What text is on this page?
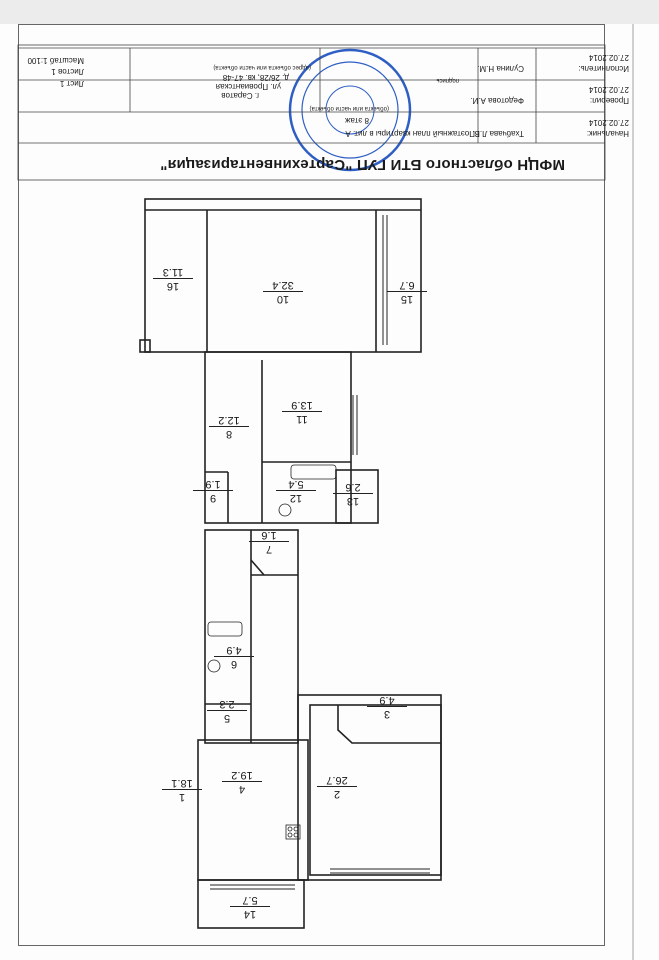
1
18.1
2
26.7
3
4.9
4
19.2
5
2.3
6
4.9
7
1.6
8
12.2
9
1.9
10
32.4
11
13.9
12
5.4
13
2.6
14
5.7
15
6.7
16
11.3
МФЦН областного БТИ ГУП "Сартехинвентаризация"
Поэтажный план квартиры в лит. А
8 этаж
(объекта или части объекта)
г. Саратов
ул. Провиантская
д. 26/28, кв. 47-48
(адрес объекта или части объекта)
Масштаб 1:100
Лист 1
Листов 1
Начальник:
Тхабчава Л.В.
27.02.2014
Проверил:
Федотова А.И.
27.02.2014
Исполнитель:
Сулина Н.М.
27.02.2014
подпись
